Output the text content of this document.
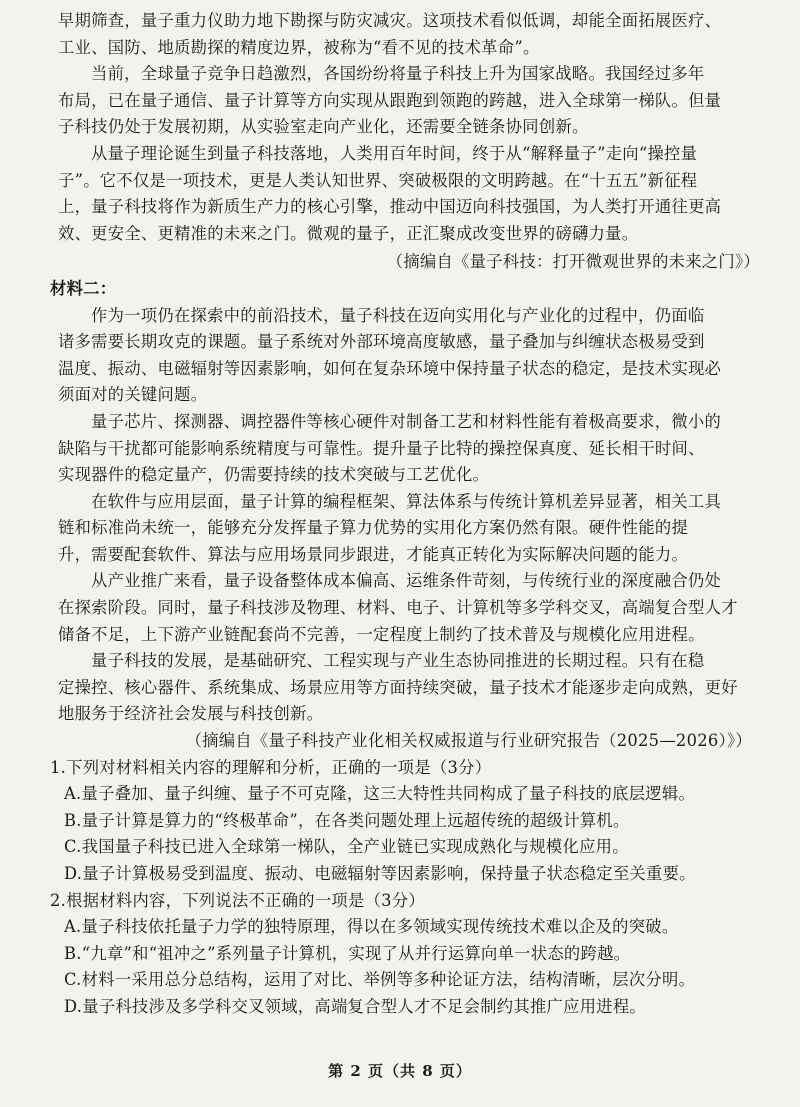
早期筛查，量子重力仪助力地下勘探与防灾减灾。这项技术看似低调，却能全面拓展医疗、
工业、国防、地质勘探的精度边界，被称为“看不见的技术革命”。
当前，全球量子竞争日趋激烈，各国纷纷将量子科技上升为国家战略。我国经过多年
布局，已在量子通信、量子计算等方向实现从跟跑到领跑的跨越，进入全球第一梯队。但量
子科技仍处于发展初期，从实验室走向产业化，还需要全链条协同创新。
从量子理论诞生到量子科技落地，人类用百年时间，终于从“解释量子”走向“操控量
子”。它不仅是一项技术，更是人类认知世界、突破极限的文明跨越。在“十五五”新征程
上，量子科技将作为新质生产力的核心引擎，推动中国迈向科技强国，为人类打开通往更高
效、更安全、更精准的未来之门。微观的量子，正汇聚成改变世界的磅礴力量。
（摘编自《量子科技：打开微观世界的未来之门》）
材料二：
作为一项仍在探索中的前沿技术，量子科技在迈向实用化与产业化的过程中，仍面临
诸多需要长期攻克的课题。量子系统对外部环境高度敏感，量子叠加与纠缠状态极易受到
温度、振动、电磁辐射等因素影响，如何在复杂环境中保持量子状态的稳定，是技术实现必
须面对的关键问题。
量子芯片、探测器、调控器件等核心硬件对制备工艺和材料性能有着极高要求，微小的
缺陷与干扰都可能影响系统精度与可靠性。提升量子比特的操控保真度、延长相干时间、
实现器件的稳定量产，仍需要持续的技术突破与工艺优化。
在软件与应用层面，量子计算的编程框架、算法体系与传统计算机差异显著，相关工具
链和标准尚未统一，能够充分发挥量子算力优势的实用化方案仍然有限。硬件性能的提
升，需要配套软件、算法与应用场景同步跟进，才能真正转化为实际解决问题的能力。
从产业推广来看，量子设备整体成本偏高、运维条件苛刻，与传统行业的深度融合仍处
在探索阶段。同时，量子科技涉及物理、材料、电子、计算机等多学科交叉，高端复合型人才
储备不足，上下游产业链配套尚不完善，一定程度上制约了技术普及与规模化应用进程。
量子科技的发展，是基础研究、工程实现与产业生态协同推进的长期过程。只有在稳
定操控、核心器件、系统集成、场景应用等方面持续突破，量子技术才能逐步走向成熟，更好
地服务于经济社会发展与科技创新。
（摘编自《量子科技产业化相关权威报道与行业研究报告（2025—2026）》）
1.下列对材料相关内容的理解和分析，正确的一项是（3分）
A.量子叠加、量子纠缠、量子不可克隆，这三大特性共同构成了量子科技的底层逻辑。
B.量子计算是算力的“终极革命”，在各类问题处理上远超传统的超级计算机。
C.我国量子科技已进入全球第一梯队，全产业链已实现成熟化与规模化应用。
D.量子计算极易受到温度、振动、电磁辐射等因素影响，保持量子状态稳定至关重要。
2.根据材料内容，下列说法不正确的一项是（3分）
A.量子科技依托量子力学的独特原理，得以在多领域实现传统技术难以企及的突破。
B.“九章”和“祖冲之”系列量子计算机，实现了从并行运算向单一状态的跨越。
C.材料一采用总分总结构，运用了对比、举例等多种论证方法，结构清晰，层次分明。
D.量子科技涉及多学科交叉领域，高端复合型人才不足会制约其推广应用进程。
第 2 页（共 8 页）
